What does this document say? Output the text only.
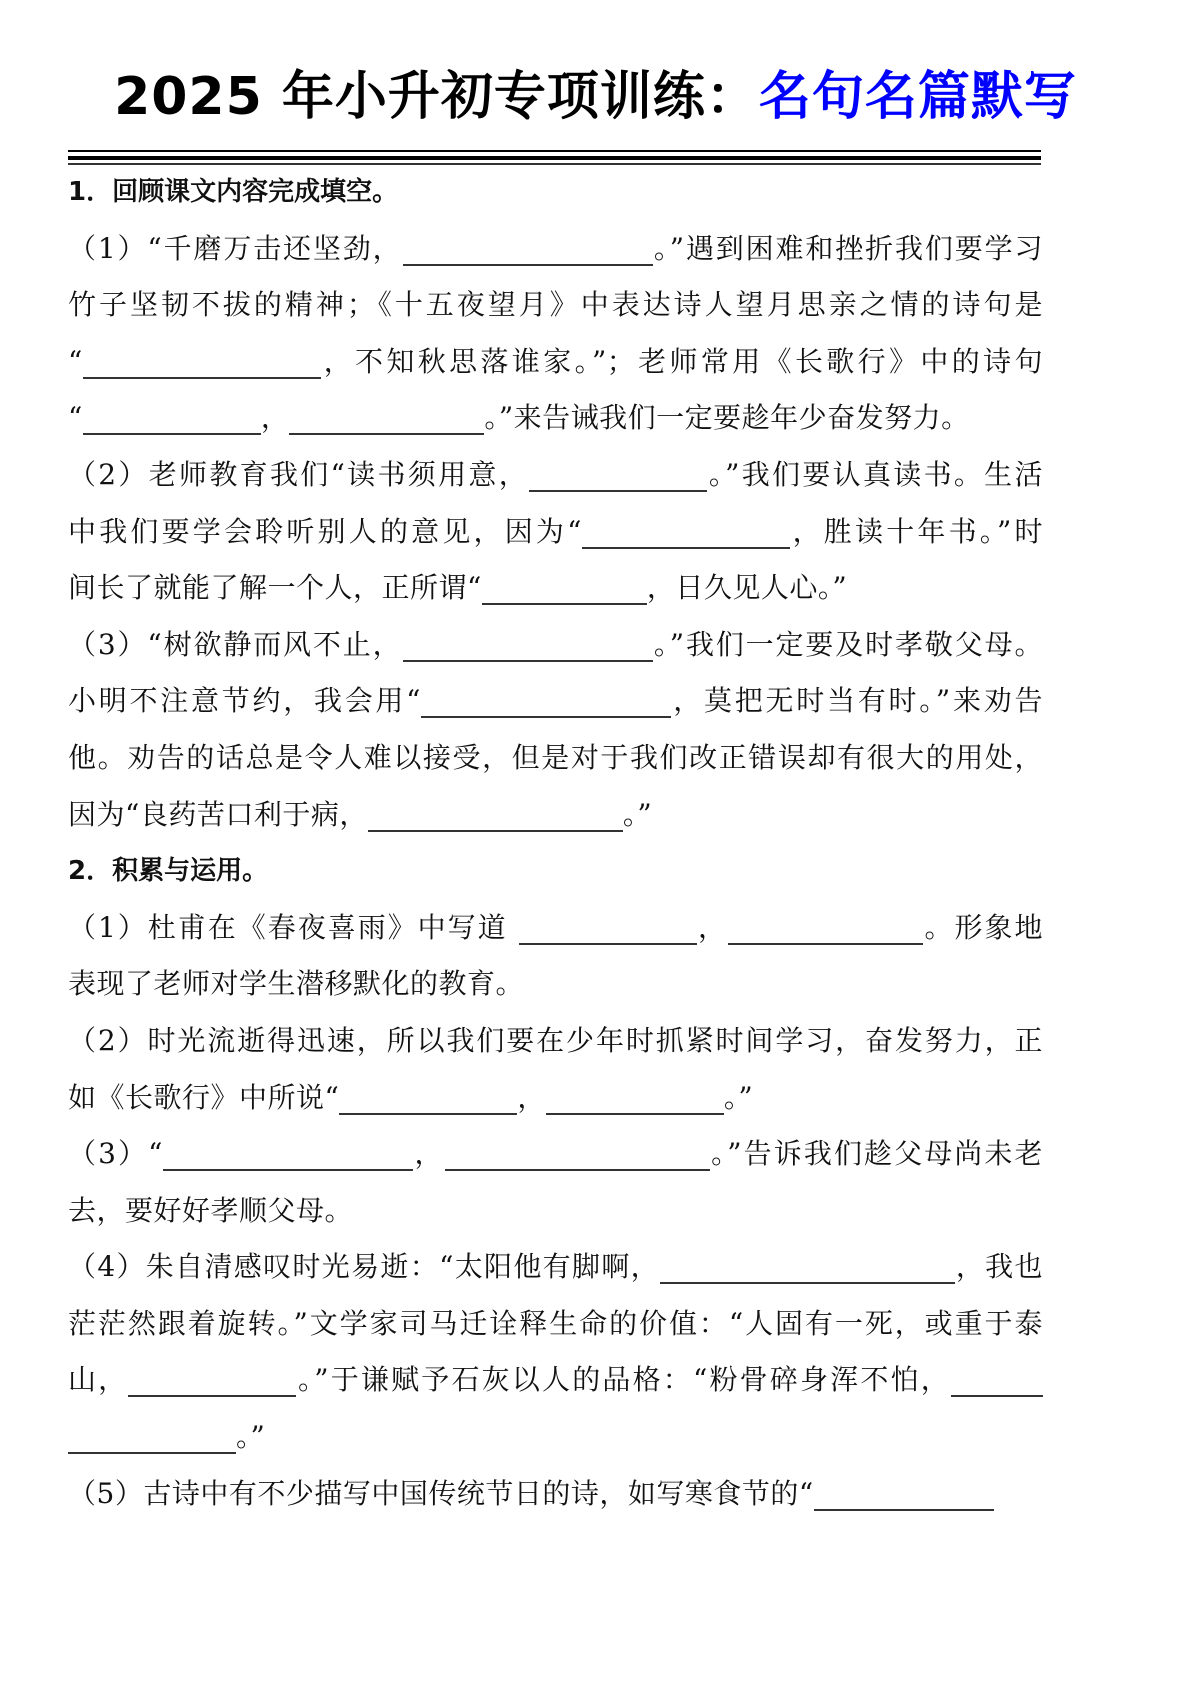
2025 年小升初专项训练：名句名篇默写
1．回顾课文内容完成填空。
（1）“千磨万击还坚劲，	。”遇到困难和挫折我们要学习
竹子坚韧不拔的精神；《十五夜望月》中表达诗人望月思亲之情的诗句是
“	，不知秋思落谁家。”；老师常用《长歌行》中的诗句
“	，	。”来告诫我们一定要趁年少奋发努力。
（2）老师教育我们“读书须用意，	。”我们要认真读书。生活
中我们要学会聆听别人的意见，因为“	，胜读十年书。”时
间长了就能了解一个人，正所谓“	，日久见人心。”
（3）“树欲静而风不止，	。”我们一定要及时孝敬父母。
小明不注意节约，我会用“	，莫把无时当有时。”来劝告
他。劝告的话总是令人难以接受，但是对于我们改正错误却有很大的用处，
因为“良药苦口利于病，	。”
2．积累与运用。
（1）杜甫在《春夜喜雨》中写道	，	。形象地
表现了老师对学生潜移默化的教育。
（2）时光流逝得迅速，所以我们要在少年时抓紧时间学习，奋发努力，正
如《长歌行》中所说“	，	。”
（3）“	，	。”告诉我们趁父母尚未老
去，要好好孝顺父母。
（4）朱自清感叹时光易逝：“太阳他有脚啊，	，我也
茫茫然跟着旋转。”文学家司马迁诠释生命的价值：“人固有一死，或重于泰
山，	。”于谦赋予石灰以人的品格：“粉骨碎身浑不怕，
。”
（5）古诗中有不少描写中国传统节日的诗，如写寒食节的“
